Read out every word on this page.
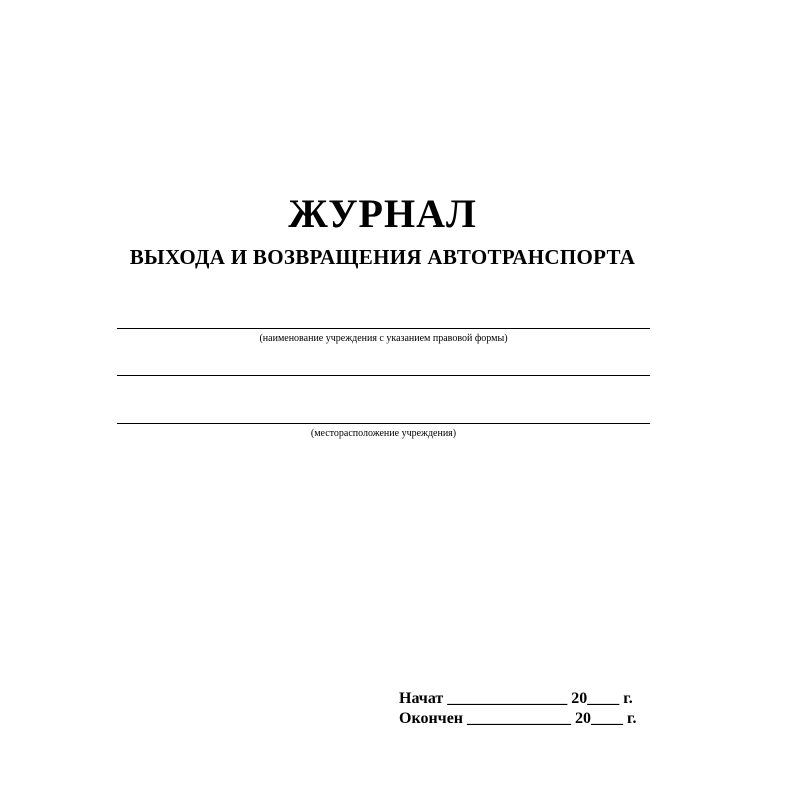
ЖУРНАЛ
ВЫХОДА И ВОЗВРАЩЕНИЯ АВТОТРАНСПОРТА

(наименование учреждения с указанием правовой формы)

(месторасположение учреждения)

Начат _______________ 20____ г.
Окончен _____________ 20____ г.
